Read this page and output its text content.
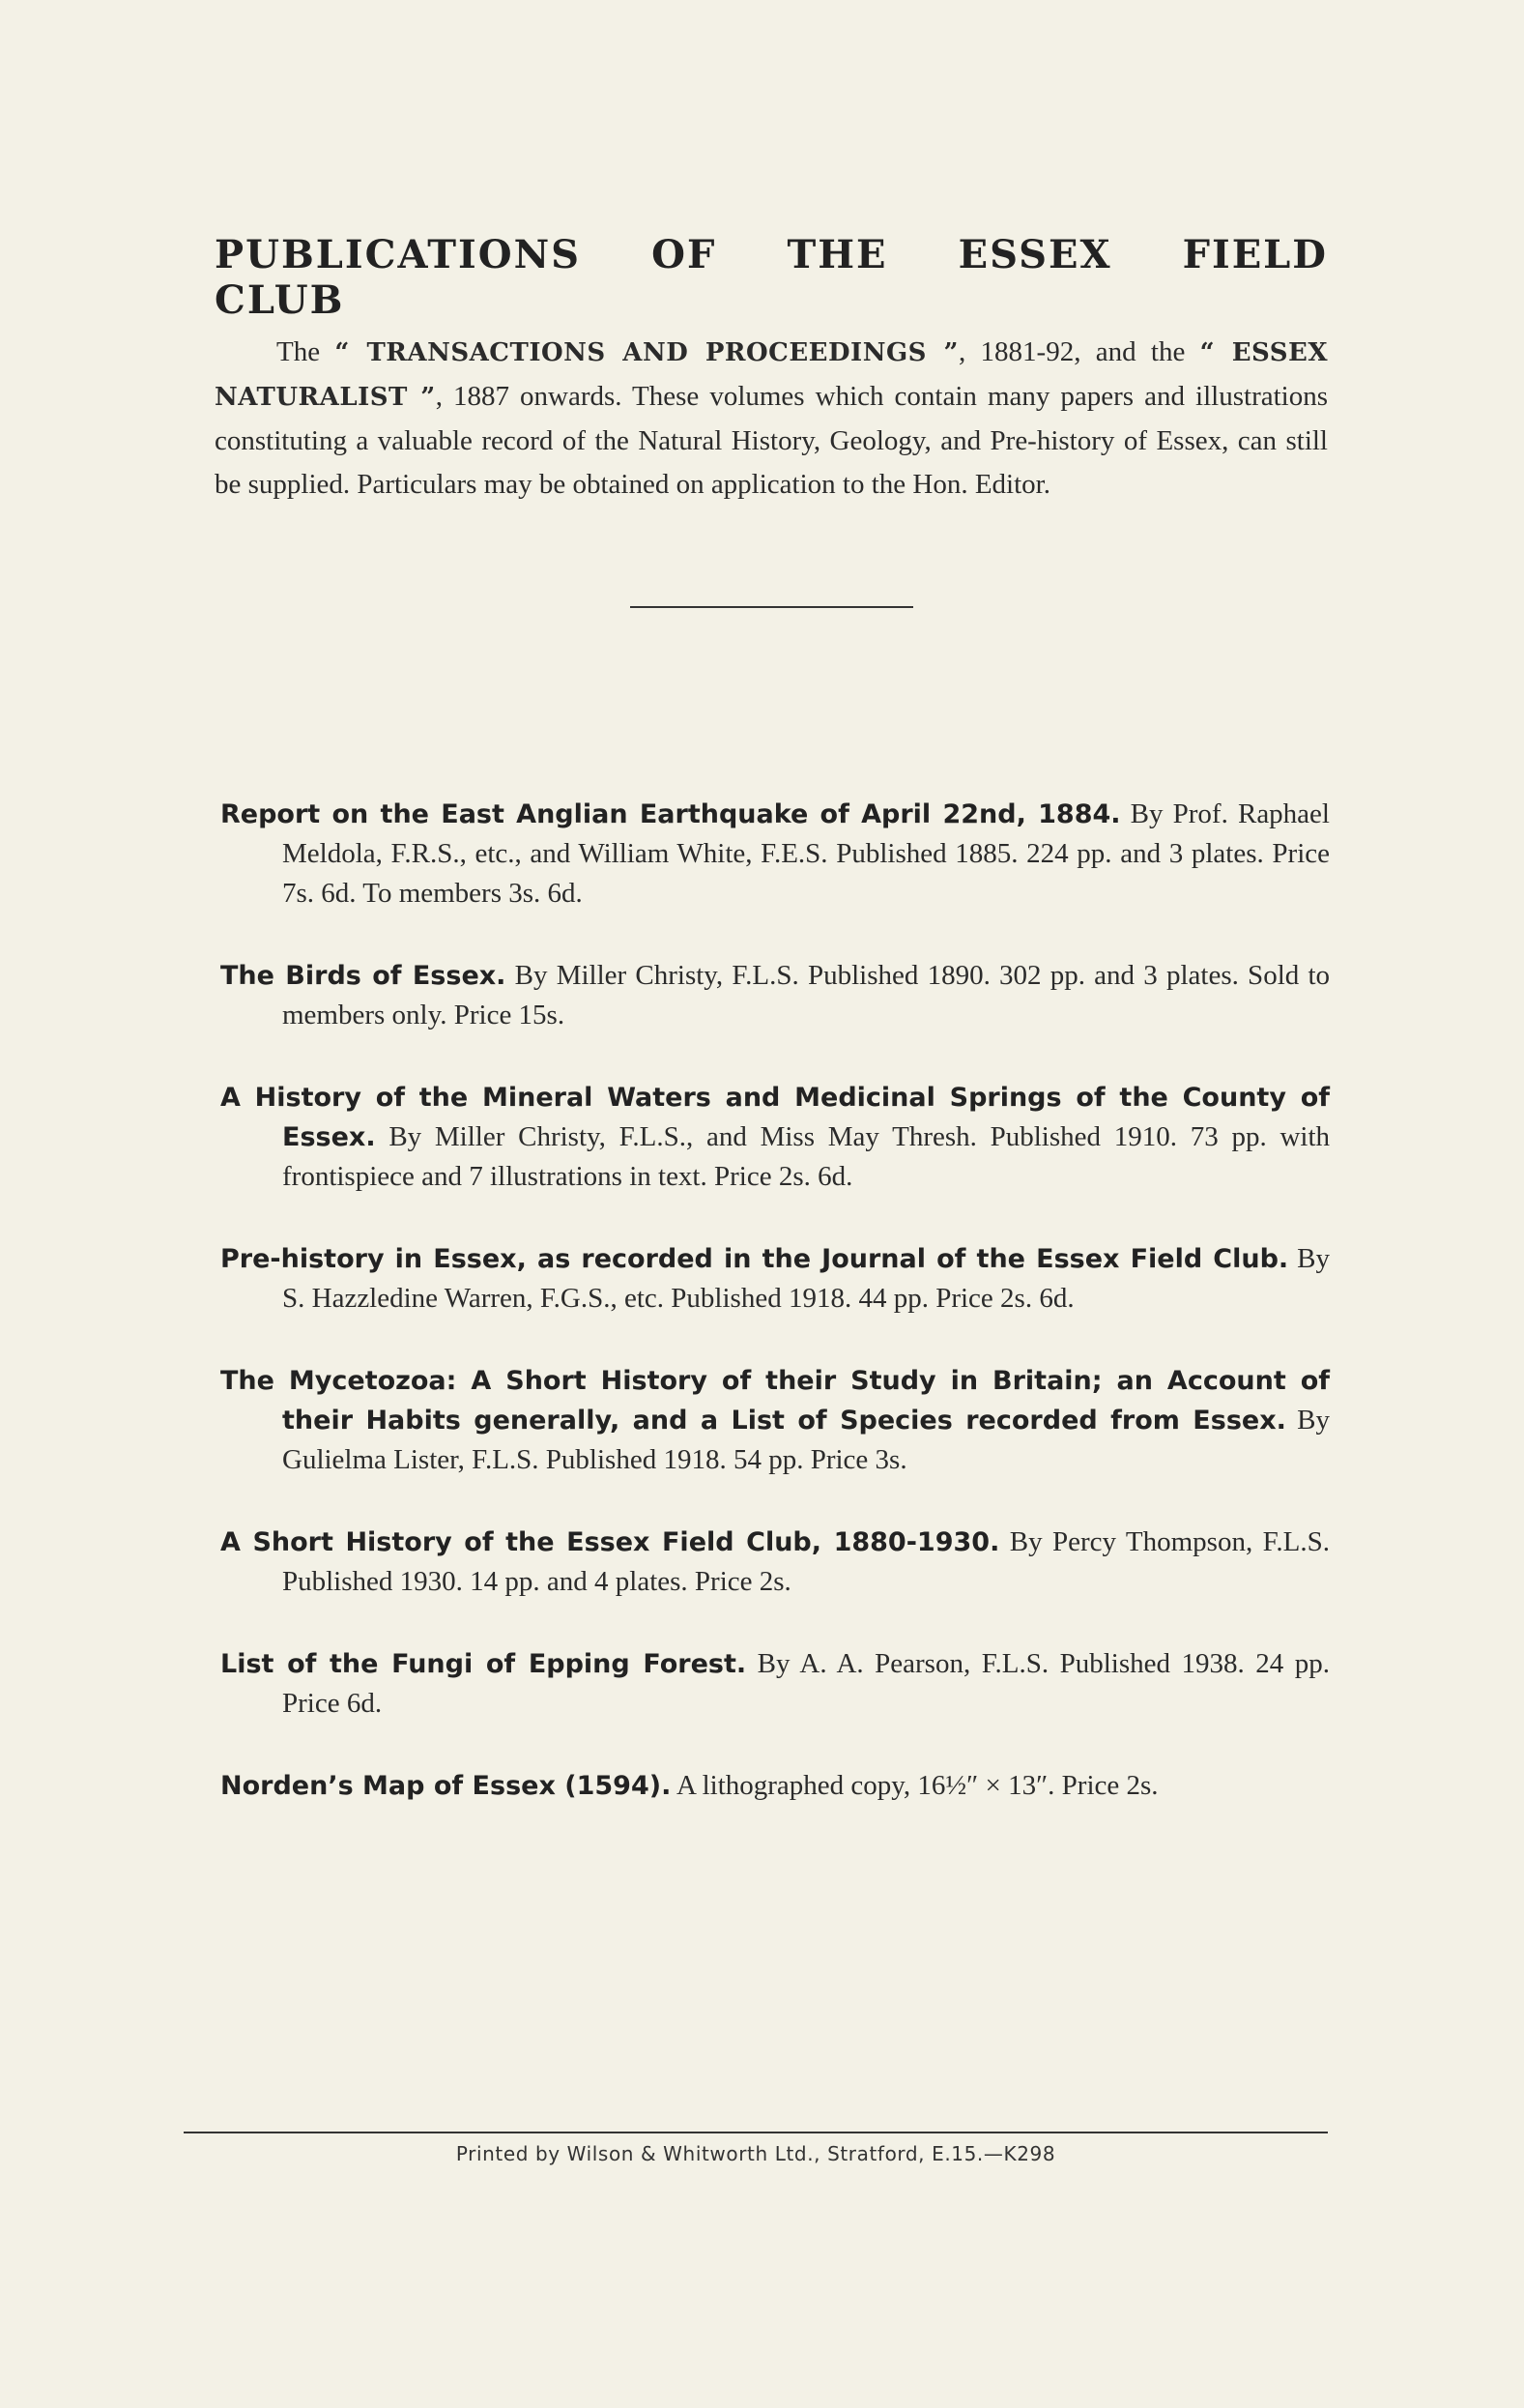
PUBLICATIONS OF THE ESSEX FIELD CLUB

The “ TRANSACTIONS AND PROCEEDINGS ”, 1881-92, and the “ ESSEX NATURALIST ”, 1887 onwards. These volumes which contain many papers and illustrations constituting a valuable record of the Natural History, Geology, and Pre-history of Essex, can still be supplied. Particulars may be obtained on application to the Hon. Editor.

Report on the East Anglian Earthquake of April 22nd, 1884. By Prof. Raphael Meldola, F.R.S., etc., and William White, F.E.S. Published 1885. 224 pp. and 3 plates. Price 7s. 6d. To members 3s. 6d.
The Birds of Essex. By Miller Christy, F.L.S. Published 1890. 302 pp. and 3 plates. Sold to members only. Price 15s.
A History of the Mineral Waters and Medicinal Springs of the County of Essex. By Miller Christy, F.L.S., and Miss May Thresh. Published 1910. 73 pp. with frontispiece and 7 illustrations in text. Price 2s. 6d.
Pre-history in Essex, as recorded in the Journal of the Essex Field Club. By S. Hazzledine Warren, F.G.S., etc. Published 1918. 44 pp. Price 2s. 6d.
The Mycetozoa: A Short History of their Study in Britain; an Account of their Habits generally, and a List of Species recorded from Essex. By Gulielma Lister, F.L.S. Published 1918. 54 pp. Price 3s.
A Short History of the Essex Field Club, 1880-1930. By Percy Thompson, F.L.S. Published 1930. 14 pp. and 4 plates. Price 2s.
List of the Fungi of Epping Forest. By A. A. Pearson, F.L.S. Published 1938. 24 pp. Price 6d.
Norden’s Map of Essex (1594). A lithographed copy, 16½″ × 13″. Price 2s.
Printed by Wilson & Whitworth Ltd., Stratford, E.15.—K298
